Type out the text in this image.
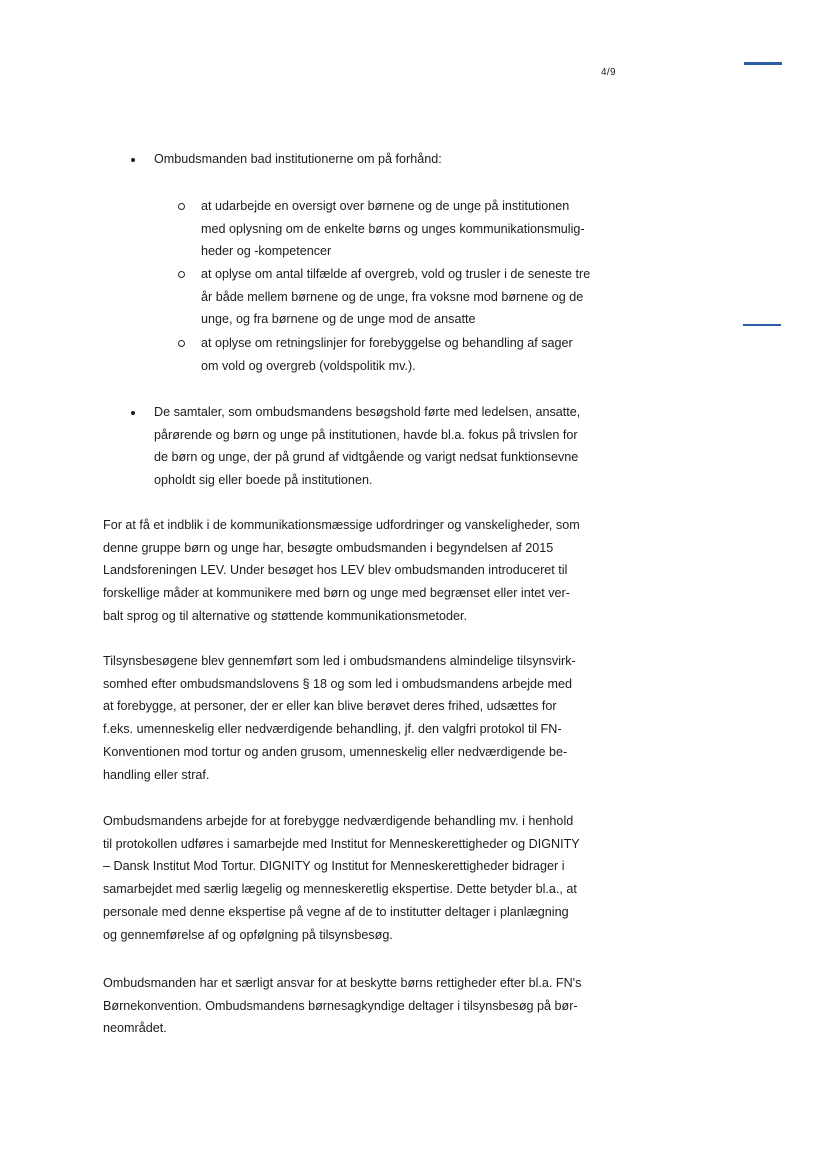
4/9
Ombudsmanden bad institutionerne om på forhånd:
at udarbejde en oversigt over børnene og de unge på institutionen
med oplysning om de enkelte børns og unges kommunikationsmulig-
heder og -kompetencer
at oplyse om antal tilfælde af overgreb, vold og trusler i de seneste tre
år både mellem børnene og de unge, fra voksne mod børnene og de
unge, og fra børnene og de unge mod de ansatte
at oplyse om retningslinjer for forebyggelse og behandling af sager
om vold og overgreb (voldspolitik mv.).
De samtaler, som ombudsmandens besøgshold førte med ledelsen, ansatte,
pårørende og børn og unge på institutionen, havde bl.a. fokus på trivslen for
de børn og unge, der på grund af vidtgående og varigt nedsat funktionsevne
opholdt sig eller boede på institutionen.
For at få et indblik i de kommunikationsmæssige udfordringer og vanskeligheder, som
denne gruppe børn og unge har, besøgte ombudsmanden i begyndelsen af 2015
Landsforeningen LEV. Under besøget hos LEV blev ombudsmanden introduceret til
forskellige måder at kommunikere med børn og unge med begrænset eller intet ver-
balt sprog og til alternative og støttende kommunikationsmetoder.
Tilsynsbesøgene blev gennemført som led i ombudsmandens almindelige tilsynsvirk-
somhed efter ombudsmandslovens § 18 og som led i ombudsmandens arbejde med
at forebygge, at personer, der er eller kan blive berøvet deres frihed, udsættes for
f.eks. umenneskelig eller nedværdigende behandling, jf. den valgfri protokol til FN-
Konventionen mod tortur og anden grusom, umenneskelig eller nedværdigende be-
handling eller straf.
Ombudsmandens arbejde for at forebygge nedværdigende behandling mv. i henhold
til protokollen udføres i samarbejde med Institut for Menneskerettigheder og DIGNITY
– Dansk Institut Mod Tortur. DIGNITY og Institut for Menneskerettigheder bidrager i
samarbejdet med særlig lægelig og menneskeretlig ekspertise. Dette betyder bl.a., at
personale med denne ekspertise på vegne af de to institutter deltager i planlægning
og gennemførelse af og opfølgning på tilsynsbesøg.
Ombudsmanden har et særligt ansvar for at beskytte børns rettigheder efter bl.a. FN's
Børnekonvention. Ombudsmandens børnesagkyndige deltager i tilsynsbesøg på bør-
neområdet.
